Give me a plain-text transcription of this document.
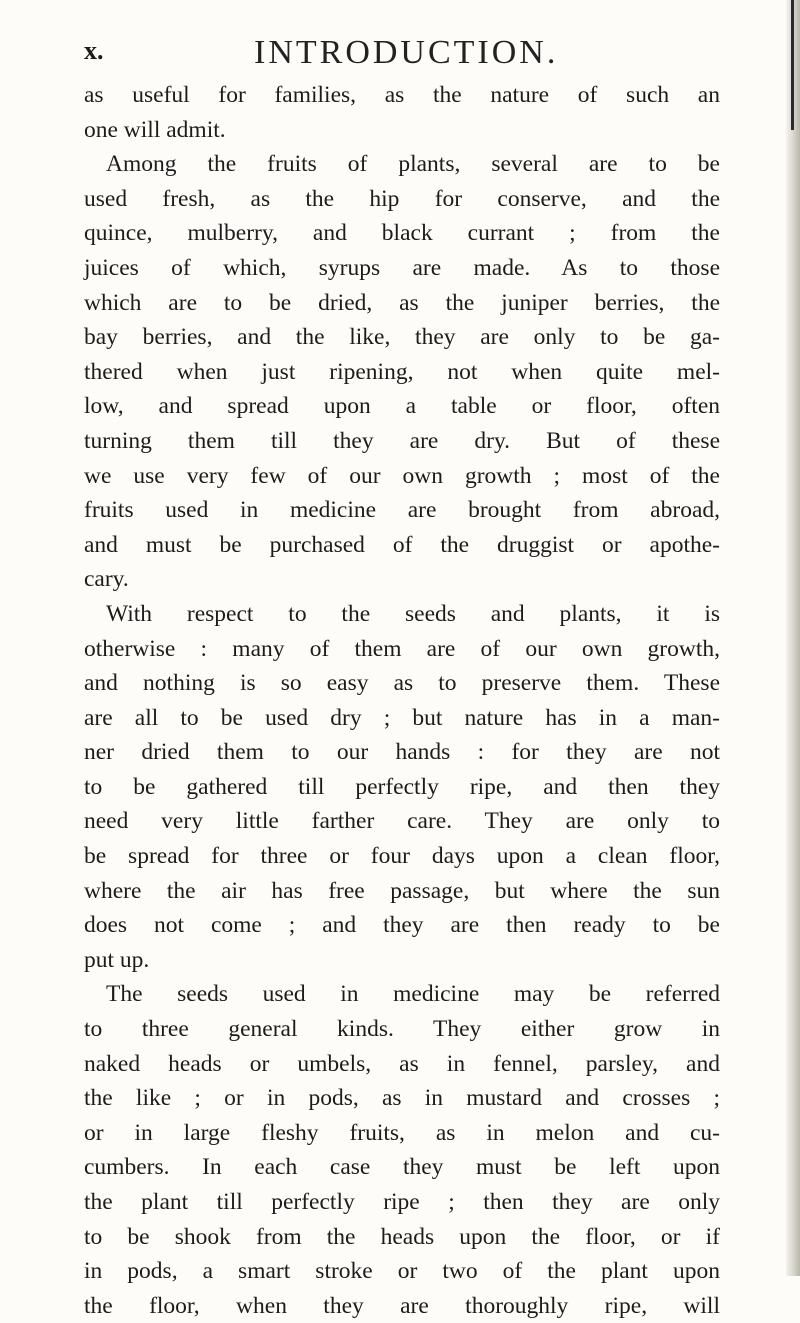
x.	INTRODUCTION.
as useful for families, as the nature of such an
one will admit.
Among the fruits of plants, several are to be
used fresh, as the hip for conserve, and the
quince, mulberry, and black currant ; from the
juices of which, syrups are made. As to those
which are to be dried, as the juniper berries, the
bay berries, and the like, they are only to be ga-
thered when just ripening, not when quite mel-
low, and spread upon a table or floor, often
turning them till they are dry. But of these
we use very few of our own growth ; most of the
fruits used in medicine are brought from abroad,
and must be purchased of the druggist or apothe-
cary.
With respect to the seeds and plants, it is
otherwise : many of them are of our own growth,
and nothing is so easy as to preserve them. These
are all to be used dry ; but nature has in a man-
ner dried them to our hands : for they are not
to be gathered till perfectly ripe, and then they
need very little farther care. They are only to
be spread for three or four days upon a clean floor,
where the air has free passage, but where the sun
does not come ; and they are then ready to be
put up.
The seeds used in medicine may be referred
to three general kinds. They either grow in
naked heads or umbels, as in fennel, parsley, and
the like ; or in pods, as in mustard and crosses ;
or in large fleshy fruits, as in melon and cu-
cumbers. In each case they must be left upon
the plant till perfectly ripe ; then they are only
to be shook from the heads upon the floor, or if
in pods, a smart stroke or two of the plant upon
the floor, when they are thoroughly ripe, will
